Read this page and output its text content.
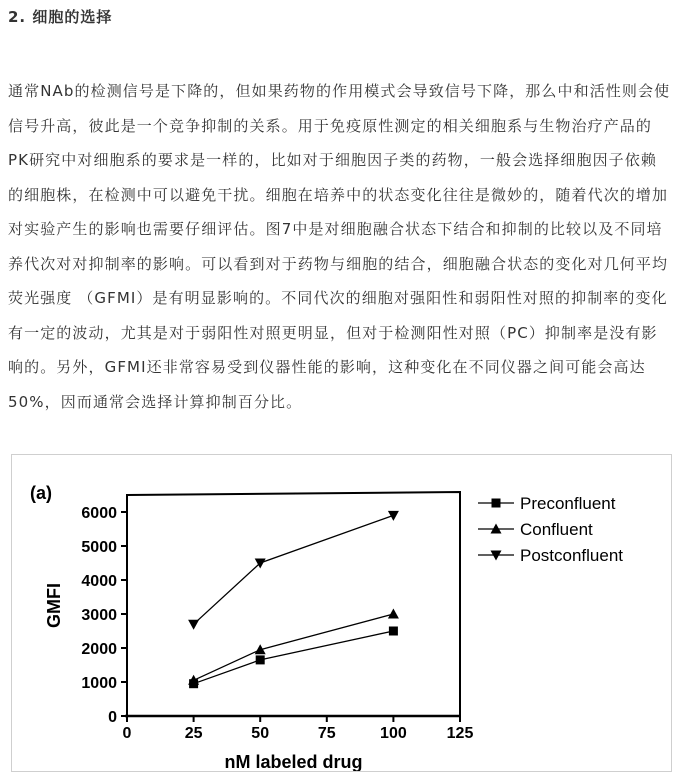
2. 细胞的选择
通常NAb的检测信号是下降的，但如果药物的作用模式会导致信号下降，那么中和活性则会使
信号升高，彼此是一个竞争抑制的关系。用于免疫原性测定的相关细胞系与生物治疗产品的
PK研究中对细胞系的要求是一样的，比如对于细胞因子类的药物，一般会选择细胞因子依赖
的细胞株，在检测中可以避免干扰。细胞在培养中的状态变化往往是微妙的，随着代次的增加
对实验产生的影响也需要仔细评估。图7中是对细胞融合状态下结合和抑制的比较以及不同培
养代次对对抑制率的影响。可以看到对于药物与细胞的结合，细胞融合状态的变化对几何平均
荧光强度 （GFMI）是有明显影响的。不同代次的细胞对强阳性和弱阳性对照的抑制率的变化
有一定的波动，尤其是对于弱阳性对照更明显，但对于检测阳性对照（PC）抑制率是没有影
响的。另外，GFMI还非常容易受到仪器性能的影响，这种变化在不同仪器之间可能会高达
50%，因而通常会选择计算抑制百分比。
0
1000
2000
3000
4000
5000
6000
0	25	50	75	100 125
nM labeled drug
GMFI
(a)
Preconfluent
Confluent
Postconfluent
